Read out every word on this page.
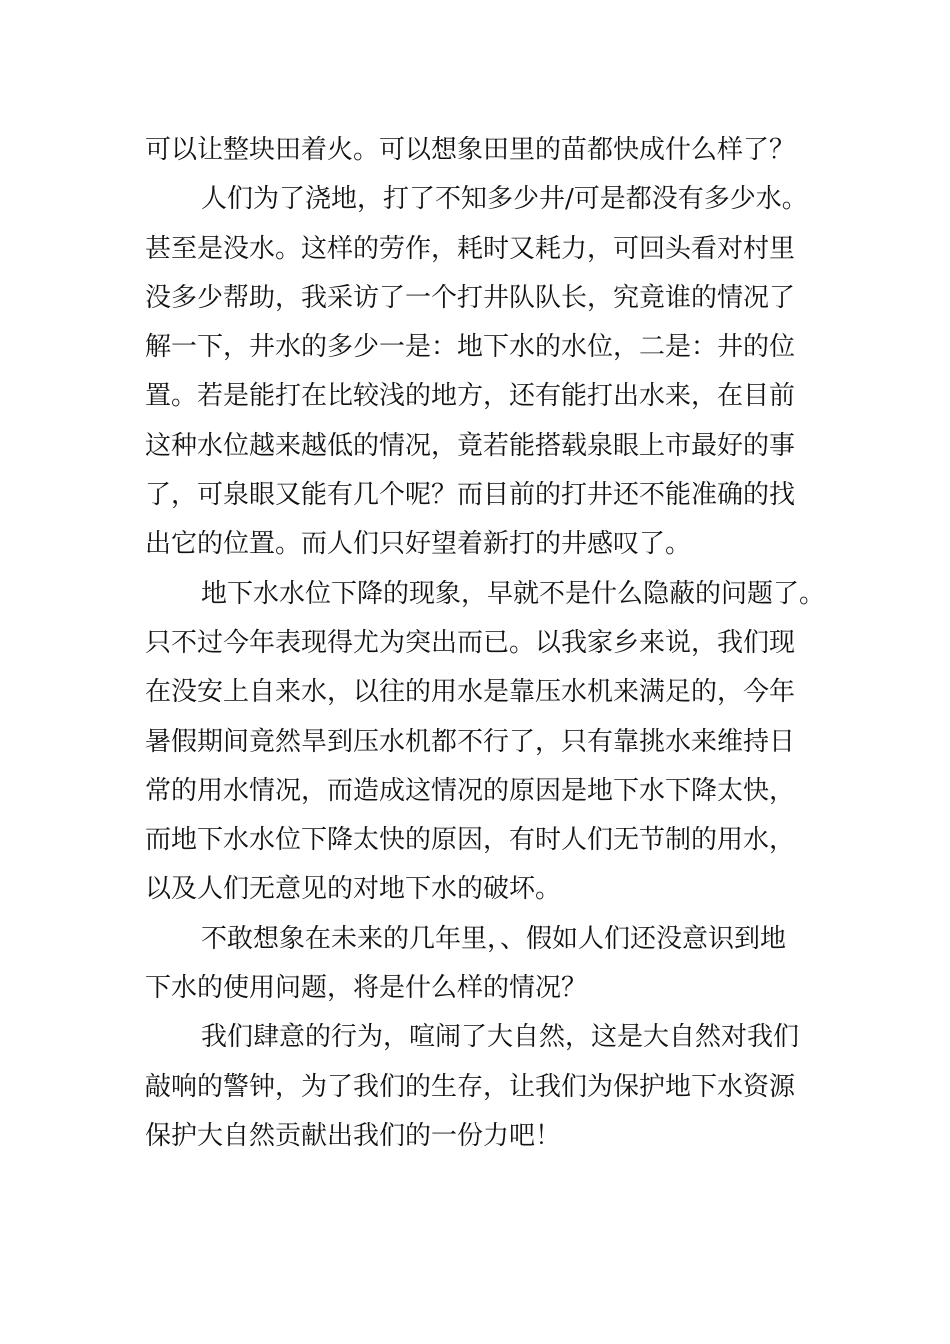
可以让整块田着火。可以想象田里的苗都快成什么样了？
人们为了浇地，打了不知多少井/可是都没有多少水。
甚至是没水。这样的劳作，耗时又耗力，可回头看对村里
没多少帮助，我采访了一个打井队队长，究竟谁的情况了
解一下，井水的多少一是：地下水的水位，二是：井的位
置。若是能打在比较浅的地方，还有能打出水来，在目前
这种水位越来越低的情况，竟若能搭载泉眼上市最好的事
了，可泉眼又能有几个呢？而目前的打井还不能准确的找
出它的位置。而人们只好望着新打的井感叹了。
地下水水位下降的现象，早就不是什么隐蔽的问题了。
只不过今年表现得尤为突出而已。以我家乡来说，我们现
在没安上自来水，以往的用水是靠压水机来满足的，今年
暑假期间竟然旱到压水机都不行了，只有靠挑水来维持日
常的用水情况，而造成这情况的原因是地下水下降太快，
而地下水水位下降太快的原因，有时人们无节制的用水，
以及人们无意见的对地下水的破坏。
不敢想象在未来的几年里，、假如人们还没意识到地
下水的使用问题，将是什么样的情况？
我们肆意的行为，喧闹了大自然，这是大自然对我们
敲响的警钟，为了我们的生存，让我们为保护地下水资源
保护大自然贡献出我们的一份力吧！
